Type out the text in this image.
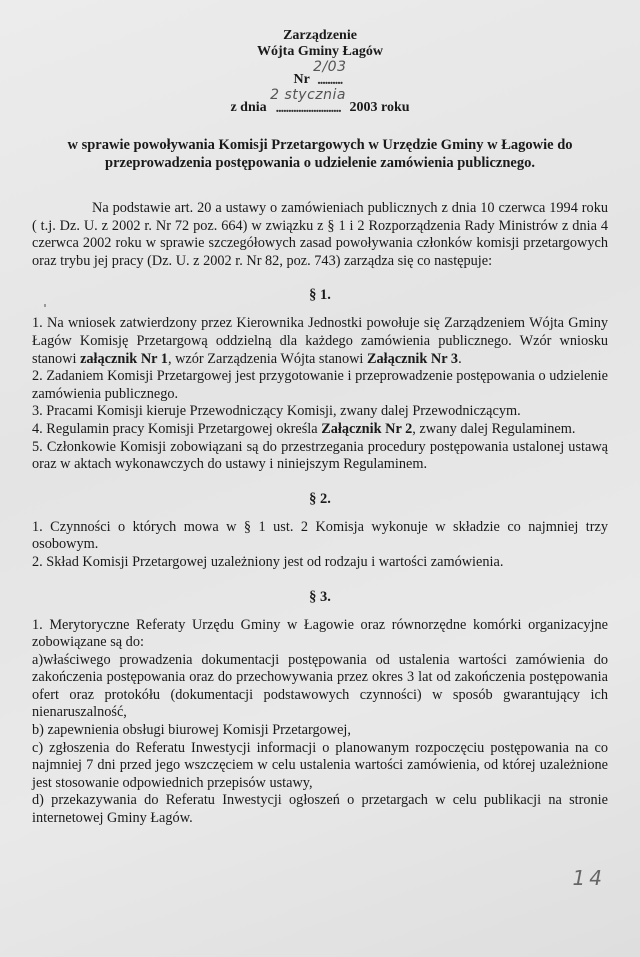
Zarządzenie
Wójta Gminy Łagów
Nr
2/03
..........
z dnia
2 stycznia
.......................... 2003 roku
w sprawie powoływania Komisji Przetargowych w Urzędzie Gminy w Łagowie do przeprowadzenia postępowania o udzielenie zamówienia publicznego.
Na podstawie art. 20 a ustawy o zamówieniach publicznych z dnia 10 czerwca 1994 roku ( t.j. Dz. U. z 2002 r. Nr 72 poz. 664) w związku z § 1 i 2 Rozporządzenia Rady Ministrów z dnia 4 czerwca 2002 roku w sprawie szczegółowych zasad powoływania członków komisji przetargowych oraz trybu jej pracy (Dz. U. z 2002 r. Nr 82, poz. 743) zarządza się co następuje:
§ 1.

1. Na wniosek zatwierdzony przez Kierownika Jednostki powołuje się Zarządzeniem Wójta Gminy Łagów Komisję Przetargową oddzielną dla każdego zamówienia publicznego. Wzór wniosku stanowi załącznik Nr 1, wzór Zarządzenia Wójta stanowi Załącznik Nr 3.

2. Zadaniem Komisji Przetargowej jest przygotowanie i przeprowadzenie postępowania o udzielenie zamówienia publicznego.

3. Pracami Komisji kieruje Przewodniczący Komisji, zwany dalej Przewodniczącym.

4. Regulamin pracy Komisji Przetargowej określa Załącznik Nr 2, zwany dalej Regulaminem.

5. Członkowie Komisji zobowiązani są do przestrzegania procedury postępowania ustalonej ustawą oraz w aktach wykonawczych do ustawy i niniejszym Regulaminem.

§ 2.

1. Czynności o których mowa w § 1 ust. 2 Komisja wykonuje w składzie co najmniej trzy osobowym.

2. Skład Komisji Przetargowej uzależniony jest od rodzaju i wartości zamówienia.

§ 3.

1. Merytoryczne Referaty Urzędu Gminy w Łagowie oraz równorzędne komórki organizacyjne zobowiązane są do:

a)właściwego prowadzenia dokumentacji postępowania od ustalenia wartości zamówienia do zakończenia postępowania oraz do przechowywania przez okres 3 lat od zakończenia postępowania ofert oraz protokółu (dokumentacji podstawowych czynności) w sposób gwarantujący ich nienaruszalność,

b) zapewnienia obsługi biurowej Komisji Przetargowej,

c) zgłoszenia do Referatu Inwestycji informacji o planowanym rozpoczęciu postępowania na co najmniej 7 dni przed jego wszczęciem w celu ustalenia wartości zamówienia, od której uzależnione jest stosowanie odpowiednich przepisów ustawy,

d) przekazywania do Referatu Inwestycji ogłoszeń o przetargach w celu publikacji na stronie internetowej Gminy Łagów.

14
